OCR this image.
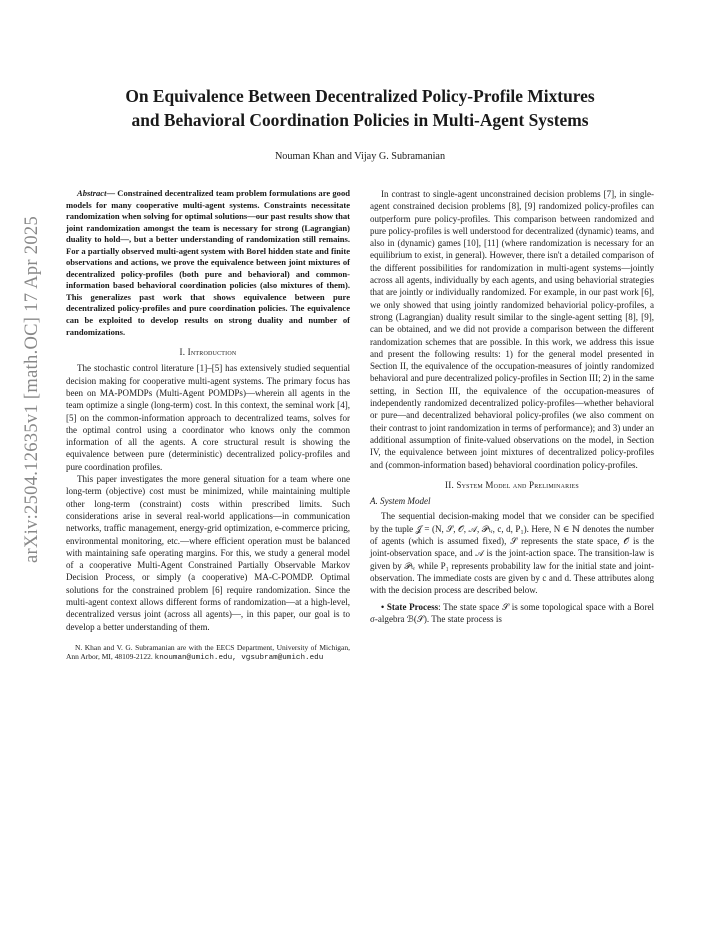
arXiv:2504.12635v1 [math.OC] 17 Apr 2025
On Equivalence Between Decentralized Policy-Profile Mixtures
and Behavioral Coordination Policies in Multi-Agent Systems
Nouman Khan and Vijay G. Subramanian

Abstract— Constrained decentralized team problem formulations are good models for many cooperative multi-agent systems. Constraints necessitate randomization when solving for optimal solutions—our past results show that joint randomization amongst the team is necessary for strong (Lagrangian) duality to hold—, but a better understanding of randomization still remains. For a partially observed multi-agent system with Borel hidden state and finite observations and actions, we prove the equivalence between joint mixtures of decentralized policy-profiles (both pure and behavioral) and common-information based behavioral coordination policies (also mixtures of them). This generalizes past work that shows equivalence between pure decentralized policy-profiles and pure coordination policies. The equivalence can be exploited to develop results on strong duality and number of randomizations.

I. Introduction

The stochastic control literature [1]–[5] has extensively studied sequential decision making for cooperative multi-agent systems. The primary focus has been on MA-POMDPs (Multi-Agent POMDPs)—wherein all agents in the team optimize a single (long-term) cost. In this context, the seminal work [4], [5] on the common-information approach to decentralized teams, solves for the optimal control using a coordinator who knows only the common information of all the agents. A core structural result is showing the equivalence between pure (deterministic) decentralized policy-profiles and pure coordination profiles.

This paper investigates the more general situation for a team where one long-term (objective) cost must be minimized, while maintaining multiple other long-term (constraint) costs within prescribed limits. Such considerations arise in several real-world applications—in communication networks, traffic management, energy-grid optimization, e-commerce pricing, environmental monitoring, etc.—where efficient operation must be balanced with maintaining safe operating margins. For this, we study a general model of a cooperative Multi-Agent Constrained Partially Observable Markov Decision Process, or simply (a cooperative) MA-C-POMDP. Optimal solutions for the constrained problem [6] require randomization. Since the multi-agent context allows different forms of randomization—at a high-level, decentralized versus joint (across all agents)—, in this paper, our goal is to develop a better understanding of them.

N. Khan and V. G. Subramanian are with the EECS Department, University of Michigan, Ann Arbor, MI, 48109-2122. knouman@umich.edu, vgsubram@umich.edu

In contrast to single-agent unconstrained decision problems [7], in single-agent constrained decision problems [8], [9] randomized policy-profiles can outperform pure policy-profiles. This comparison between randomized and pure policy-profiles is well understood for decentralized (dynamic) teams, and also in (dynamic) games [10], [11] (where randomization is necessary for an equilibrium to exist, in general). However, there isn't a detailed comparison of the different possibilities for randomization in multi-agent systems—jointly across all agents, individually by each agents, and using behaviorial strategies that are jointly or individually randomized. For example, in our past work [6], we only showed that using jointly randomized behaviorial policy-profiles, a strong (Lagrangian) duality result similar to the single-agent setting [8], [9], can be obtained, and we did not provide a comparison between the different randomization schemes that are possible. In this work, we address this issue and present the following results: 1) for the general model presented in Section II, the equivalence of the occupation-measures of jointly randomized behavioral and pure decentralized policy-profiles in Section III; 2) in the same setting, in Section III, the equivalence of the occupation-measures of independently randomized decentralized policy-profiles—whether behavioral or pure—and decentralized behavioral policy-profiles (we also comment on their contrast to joint randomization in terms of performance); and 3) under an additional assumption of finite-valued observations on the model, in Section IV, the equivalence between joint mixtures of decentralized policy-profiles and (common-information based) behavioral coordination policy-profiles.

II. System Model and Preliminaries
A. System Model

The sequential decision-making model that we consider can be specified by the tuple 𝒥 = (N, 𝒮, 𝒪, 𝒜, 𝒫ₜᵣ, c, d, P₁). Here, N ∈ ℕ denotes the number of agents (which is assumed fixed), 𝒮 represents the state space, 𝒪 is the joint-observation space, and 𝒜 is the joint-action space. The transition-law is given by 𝒫ₜᵣ while P₁ represents probability law for the initial state and joint-observation. The immediate costs are given by c and d. These attributes along with the decision process are described below.

• State Process: The state space 𝒮 is some topological space with a Borel σ-algebra ℬ(𝒮). The state process is
